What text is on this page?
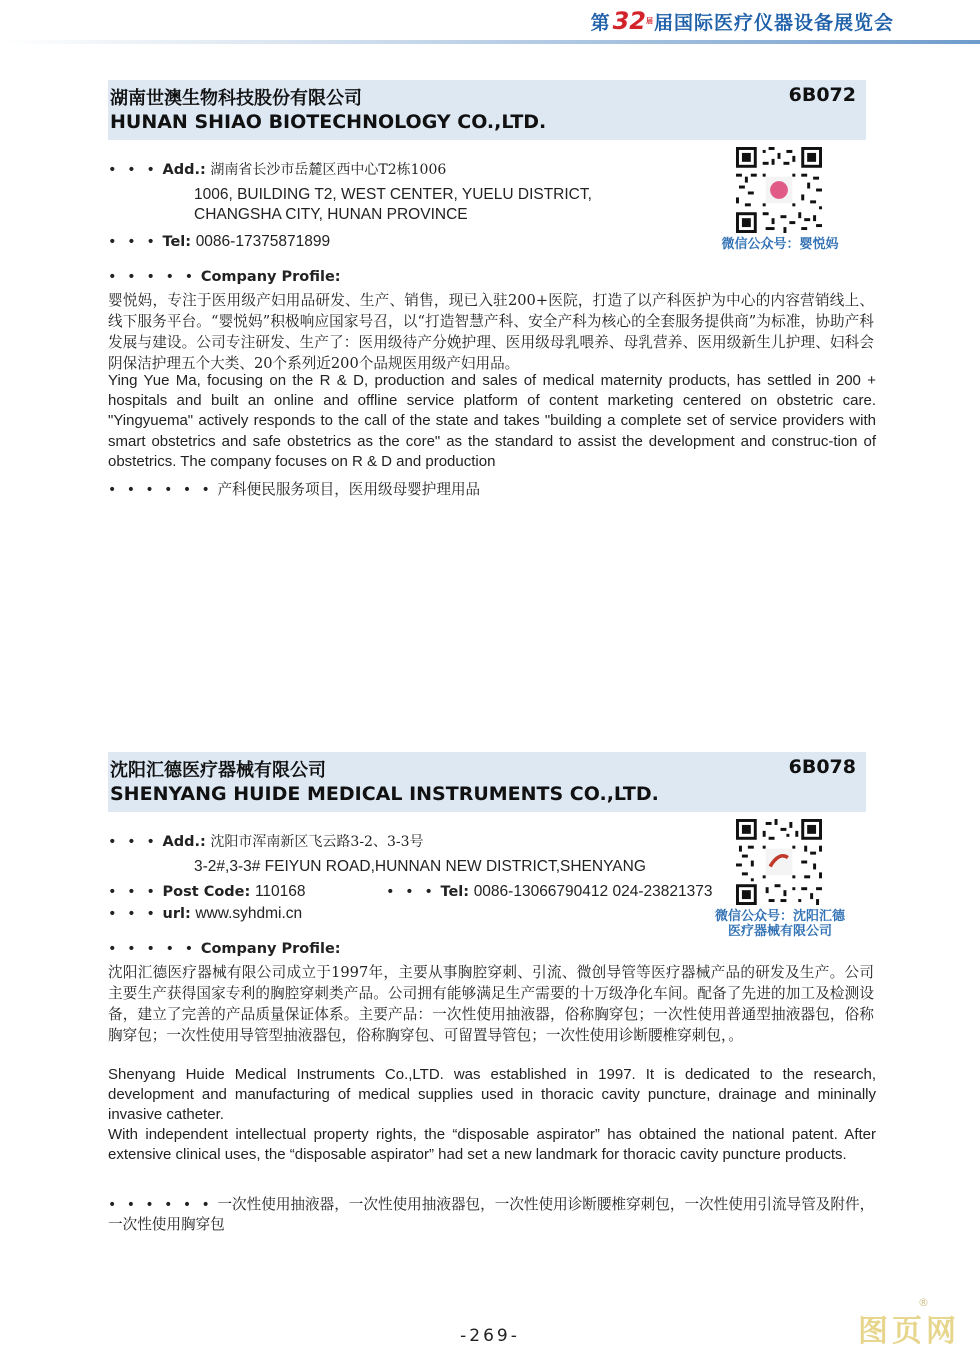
第 32 届 届国际医疗仪器设备展览会
湖南世澳生物科技股份有限公司
HUNAN SHIAO BIOTECHNOLOGY CO.,LTD.
6B072
• • • Add.: 湖南省长沙市岳麓区西中心T2栋1006
1006, BUILDING T2, WEST CENTER, YUELU DISTRICT,
CHANGSHA CITY, HUNAN PROVINCE
• • • Tel: 0086-17375871899
• • • • • Company Profile:
婴悦妈，专注于医用级产妇用品研发、生产、销售，现已入驻200+医院，打造了以产科医护为中心的内容营销线上、线下服务平台。“婴悦妈”积极响应国家号召，以“打造智慧产科、安全产科为核心的全套服务提供商”为标准，协助产科发展与建设。公司专注研发、生产了：医用级待产分娩护理、医用级母乳喂养、母乳营养、医用级新生儿护理、妇科会阴保洁护理五个大类、20个系列近200个品规医用级产妇用品。
Ying Yue Ma, focusing on the R & D, production and sales of medical maternity products, has settled in 200 + hospitals and built an online and offline service platform of content marketing centered on obstetric care. "Yingyuema" actively responds to the call of the state and takes "building a complete set of service providers with smart obstetrics and safe obstetrics as the core" as the standard to assist the development and construc-tion of obstetrics. The company focuses on R & D and production
• • • • • • 产科便民服务项目，医用级母婴护理用品
微信公众号：婴悦妈
沈阳汇德医疗器械有限公司
SHENYANG HUIDE MEDICAL INSTRUMENTS CO.,LTD.
6B078
• • • Add.: 沈阳市浑南新区飞云路3-2、3-3号
3-2#,3-3# FEIYUN ROAD,HUNNAN NEW DISTRICT,SHENYANG
• • • Post Code: 110168	• • • Tel: 0086-13066790412 024-23821373
• • • url: www.syhdmi.cn
• • • • • Company Profile:
沈阳汇德医疗器械有限公司成立于1997年，主要从事胸腔穿刺、引流、微创导管等医疗器械产品的研发及生产。公司主要生产获得国家专利的胸腔穿刺类产品。公司拥有能够满足生产需要的十万级净化车间。配备了先进的加工及检测设备，建立了完善的产品质量保证体系。主要产品：一次性使用抽液器，俗称胸穿包；一次性使用普通型抽液器包，俗称胸穿包；一次性使用导管型抽液器包，俗称胸穿包、可留置导管包；一次性使用诊断腰椎穿刺包，。
Shenyang Huide Medical Instruments Co.,LTD. was established in 1997. It is dedicated to the research, development and manufacturing of medical supplies used in thoracic cavity puncture, drainage and mininally invasive catheter.
With independent intellectual property rights, the “disposable aspirator” has obtained the national patent. After extensive clinical uses, the “disposable aspirator” had set a new landmark for thoracic cavity puncture products.
• • • • • • 一次性使用抽液器，一次性使用抽液器包，一次性使用诊断腰椎穿刺包，一次性使用引流导管及附件，一次性使用胸穿包
微信公众号：沈阳汇德
医疗器械有限公司
-269-	图页网
®
